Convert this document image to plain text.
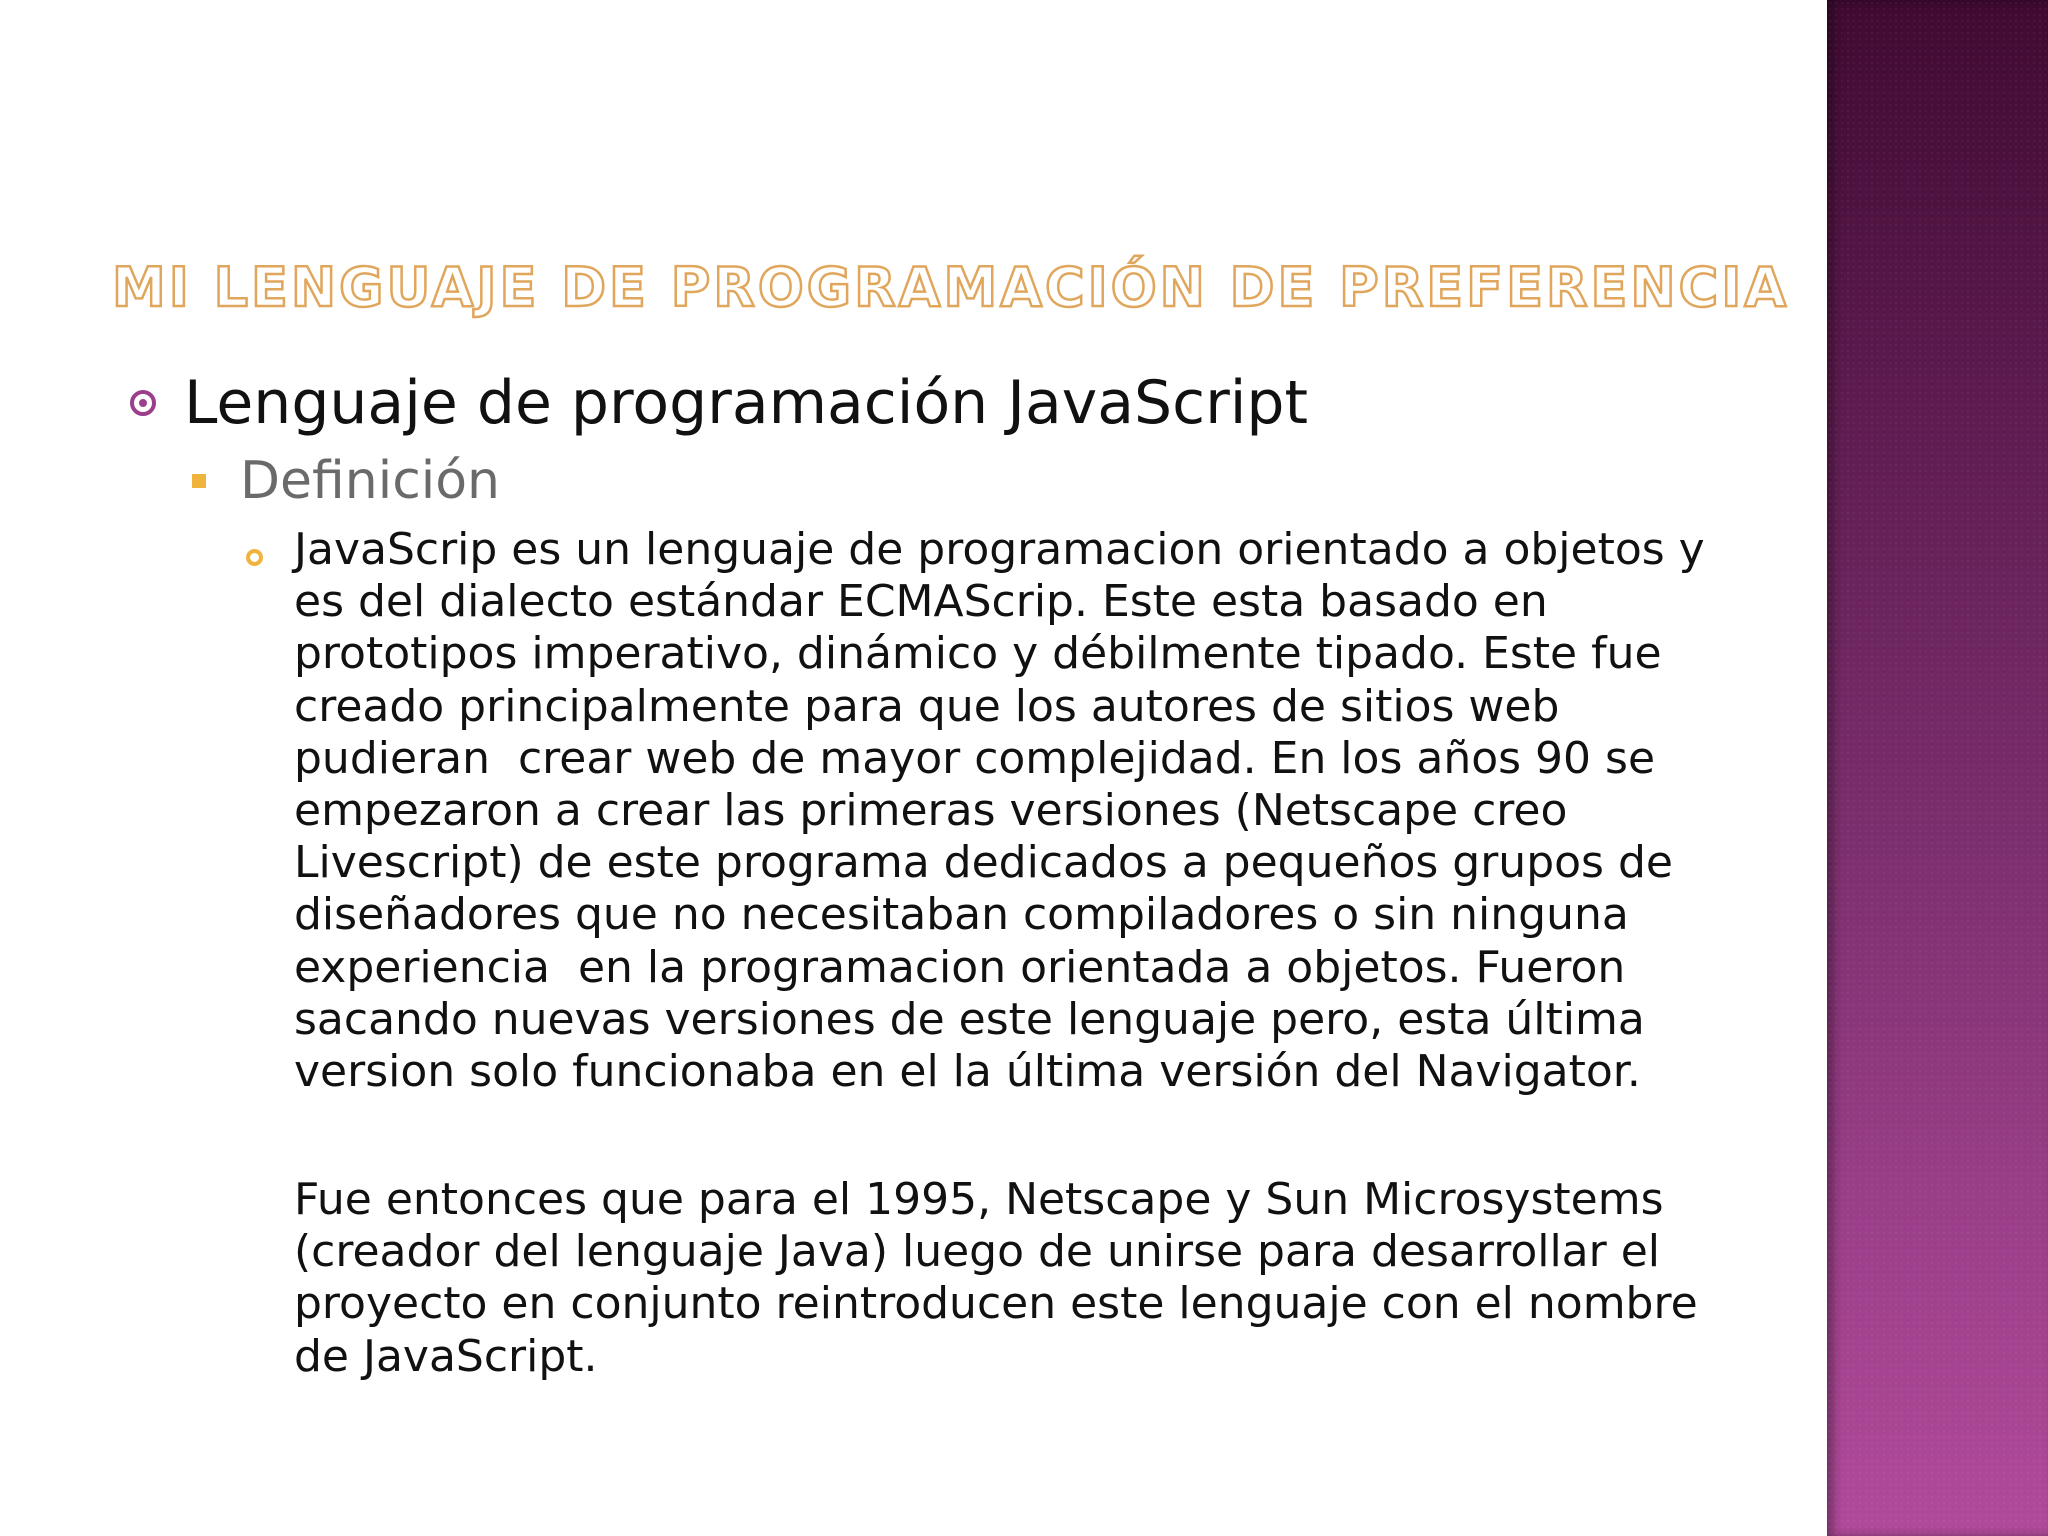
MI LENGUAJE DE PROGRAMACIÓN DE PREFERENCIA
Lenguaje de programación JavaScript
Definición
JavaScrip es un lenguaje de programacion orientado a objetos y
es del dialecto estándar ECMAScrip. Este esta basado en
prototipos imperativo, dinámico y débilmente tipado. Este fue
creado principalmente para que los autores de sitios web
pudieran  crear web de mayor complejidad. En los años 90 se
empezaron a crear las primeras versiones (Netscape creo
Livescript) de este programa dedicados a pequeños grupos de
diseñadores que no necesitaban compiladores o sin ninguna
experiencia  en la programacion orientada a objetos. Fueron
sacando nuevas versiones de este lenguaje pero, esta última
version solo funcionaba en el la última versión del Navigator.
Fue entonces que para el 1995, Netscape y Sun Microsystems
(creador del lenguaje Java) luego de unirse para desarrollar el
proyecto en conjunto reintroducen este lenguaje con el nombre
de JavaScript.
